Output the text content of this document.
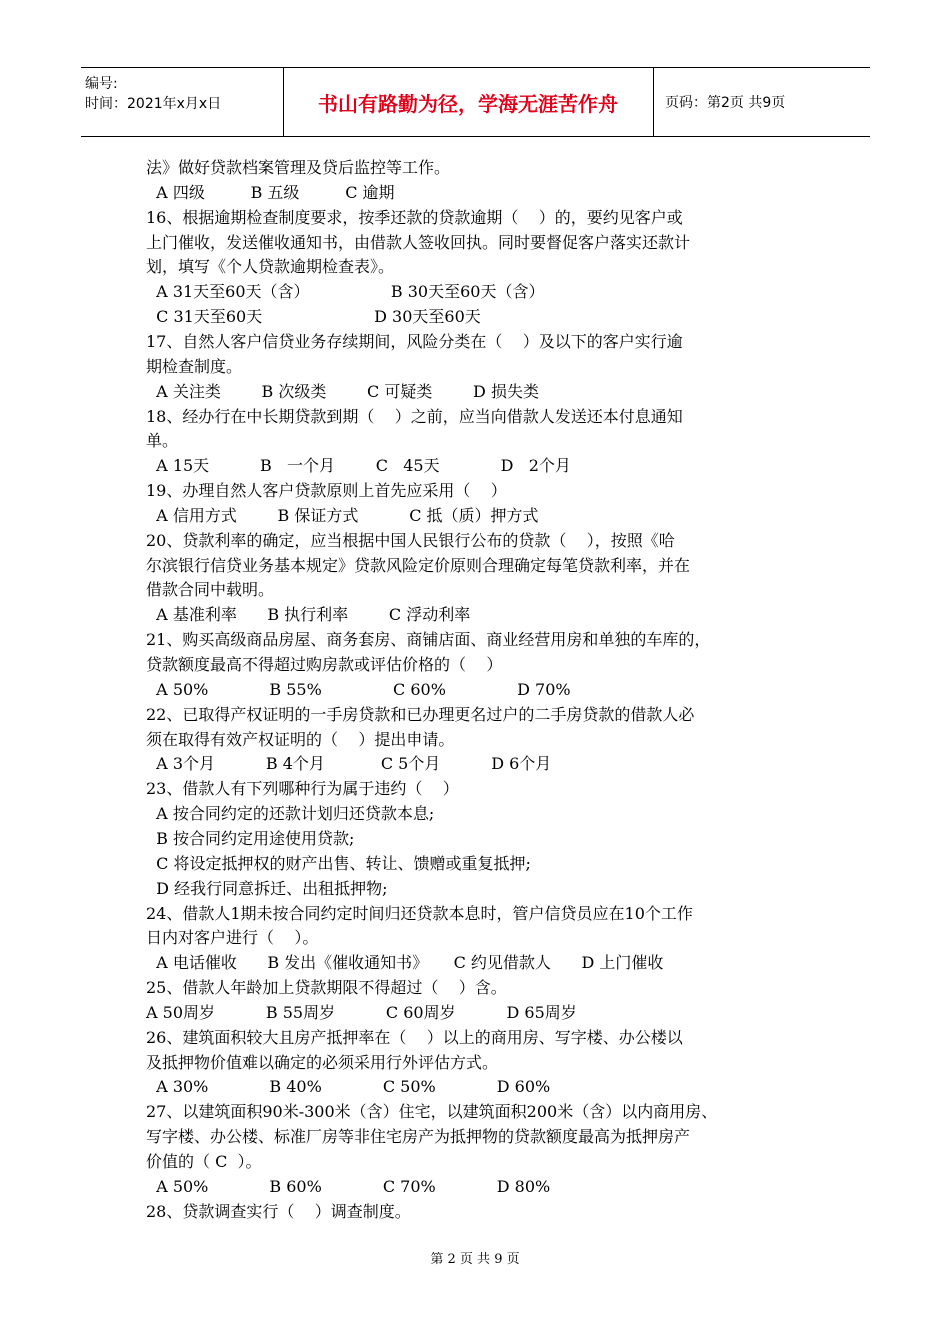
编号:
时间：2021年x月x日	书山有路勤为径，学海无涯苦作舟	页码：第2页 共9页
法》做好贷款档案管理及贷后监控等工作。
A 四级         B 五级         C 逾期
16、根据逾期检查制度要求，按季还款的贷款逾期（    ）的，要约见客户或
上门催收，发送催收通知书，由借款人签收回执。同时要督促客户落实还款计
划，填写《个人贷款逾期检查表》。
A 31天至60天（含）                B 30天至60天（含）
C 31天至60天                      D 30天至60天
17、自然人客户信贷业务存续期间，风险分类在（    ）及以下的客户实行逾
期检查制度。
A 关注类        B 次级类        C 可疑类        D 损失类
18、经办行在中长期贷款到期（    ）之前，应当向借款人发送还本付息通知
单。
A 15天          B   一个月        C   45天            D   2个月
19、办理自然人客户贷款原则上首先应采用（    ）
A 信用方式        B 保证方式          C 抵（质）押方式
20、贷款利率的确定，应当根据中国人民银行公布的贷款（    ），按照《哈
尔滨银行信贷业务基本规定》贷款风险定价原则合理确定每笔贷款利率，并在
借款合同中载明。
A 基准利率      B 执行利率        C 浮动利率
21、购买高级商品房屋、商务套房、商铺店面、商业经营用房和单独的车库的，
贷款额度最高不得超过购房款或评估价格的（    ）
A 50%            B 55%              C 60%              D 70%
22、已取得产权证明的一手房贷款和已办理更名过户的二手房贷款的借款人必
须在取得有效产权证明的（    ）提出申请。
A 3个月          B 4个月           C 5个月          D 6个月
23、借款人有下列哪种行为属于违约（    ）
A 按合同约定的还款计划归还贷款本息;
B 按合同约定用途使用贷款;
C 将设定抵押权的财产出售、转让、馈赠或重复抵押;
D 经我行同意拆迁、出租抵押物;
24、借款人1期未按合同约定时间归还贷款本息时，管户信贷员应在10个工作
日内对客户进行（    ）。
A 电话催收      B 发出《催收通知书》     C 约见借款人      D 上门催收
25、借款人年龄加上贷款期限不得超过（    ）含。
A 50周岁          B 55周岁          C 60周岁          D 65周岁
26、建筑面积较大且房产抵押率在（    ）以上的商用房、写字楼、办公楼以
及抵押物价值难以确定的必须采用行外评估方式。
A 30%            B 40%            C 50%            D 60%
27、以建筑面积90米-300米（含）住宅，以建筑面积200米（含）以内商用房、
写字楼、办公楼、标准厂房等非住宅房产为抵押物的贷款额度最高为抵押房产
价值的（ C  ）。
A 50%            B 60%            C 70%            D 80%
28、贷款调查实行（    ）调查制度。
第 2 页 共 9 页
